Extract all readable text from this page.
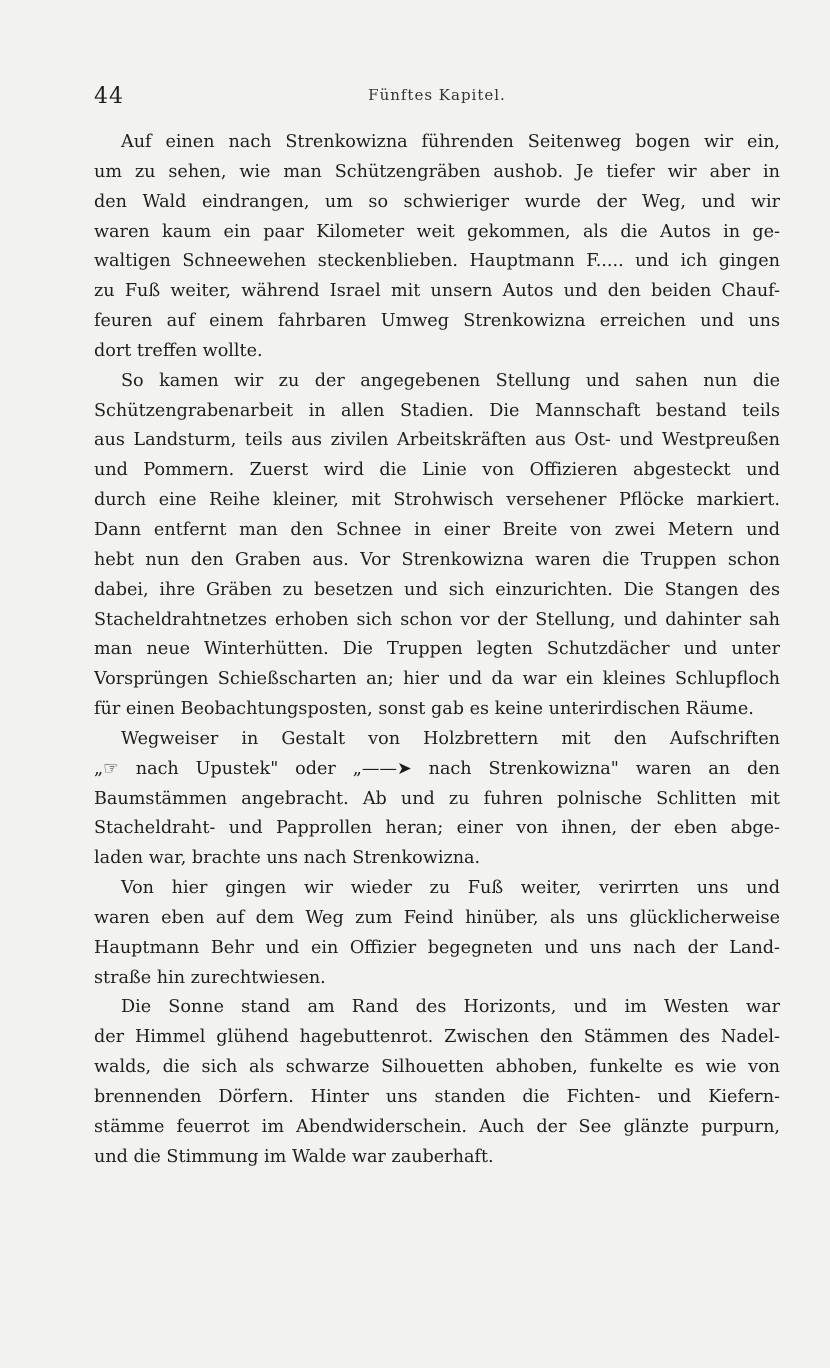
44	Fünftes Kapitel.
Auf einen nach Strenkowizna führenden Seitenweg bogen wir ein,
um zu sehen, wie man Schützengräben aushob. Je tiefer wir aber in
den Wald eindrangen, um so schwieriger wurde der Weg, und wir
waren kaum ein paar Kilometer weit gekommen, als die Autos in ge-
waltigen Schneewehen steckenblieben. Hauptmann F..... und ich gingen
zu Fuß weiter, während Israel mit unsern Autos und den beiden Chauf-
feuren auf einem fahrbaren Umweg Strenkowizna erreichen und uns
dort treffen wollte.
So kamen wir zu der angegebenen Stellung und sahen nun die
Schützengrabenarbeit in allen Stadien. Die Mannschaft bestand teils
aus Landsturm, teils aus zivilen Arbeitskräften aus Ost- und Westpreußen
und Pommern. Zuerst wird die Linie von Offizieren abgesteckt und
durch eine Reihe kleiner, mit Strohwisch versehener Pflöcke markiert.
Dann entfernt man den Schnee in einer Breite von zwei Metern und
hebt nun den Graben aus. Vor Strenkowizna waren die Truppen schon
dabei, ihre Gräben zu besetzen und sich einzurichten. Die Stangen des
Stacheldrahtnetzes erhoben sich schon vor der Stellung, und dahinter sah
man neue Winterhütten. Die Truppen legten Schutzdächer und unter
Vorsprüngen Schießscharten an; hier und da war ein kleines Schlupfloch
für einen Beobachtungsposten, sonst gab es keine unterirdischen Räume.
Wegweiser in Gestalt von Holzbrettern mit den Aufschriften
„☞ nach Upustek" oder „——➤ nach Strenkowizna" waren an den
Baumstämmen angebracht. Ab und zu fuhren polnische Schlitten mit
Stacheldraht- und Papprollen heran; einer von ihnen, der eben abge-
laden war, brachte uns nach Strenkowizna.
Von hier gingen wir wieder zu Fuß weiter, verirrten uns und
waren eben auf dem Weg zum Feind hinüber, als uns glücklicherweise
Hauptmann Behr und ein Offizier begegneten und uns nach der Land-
straße hin zurechtwiesen.
Die Sonne stand am Rand des Horizonts, und im Westen war
der Himmel glühend hagebuttenrot. Zwischen den Stämmen des Nadel-
walds, die sich als schwarze Silhouetten abhoben, funkelte es wie von
brennenden Dörfern. Hinter uns standen die Fichten- und Kiefern-
stämme feuerrot im Abendwiderschein. Auch der See glänzte purpurn,
und die Stimmung im Walde war zauberhaft.
